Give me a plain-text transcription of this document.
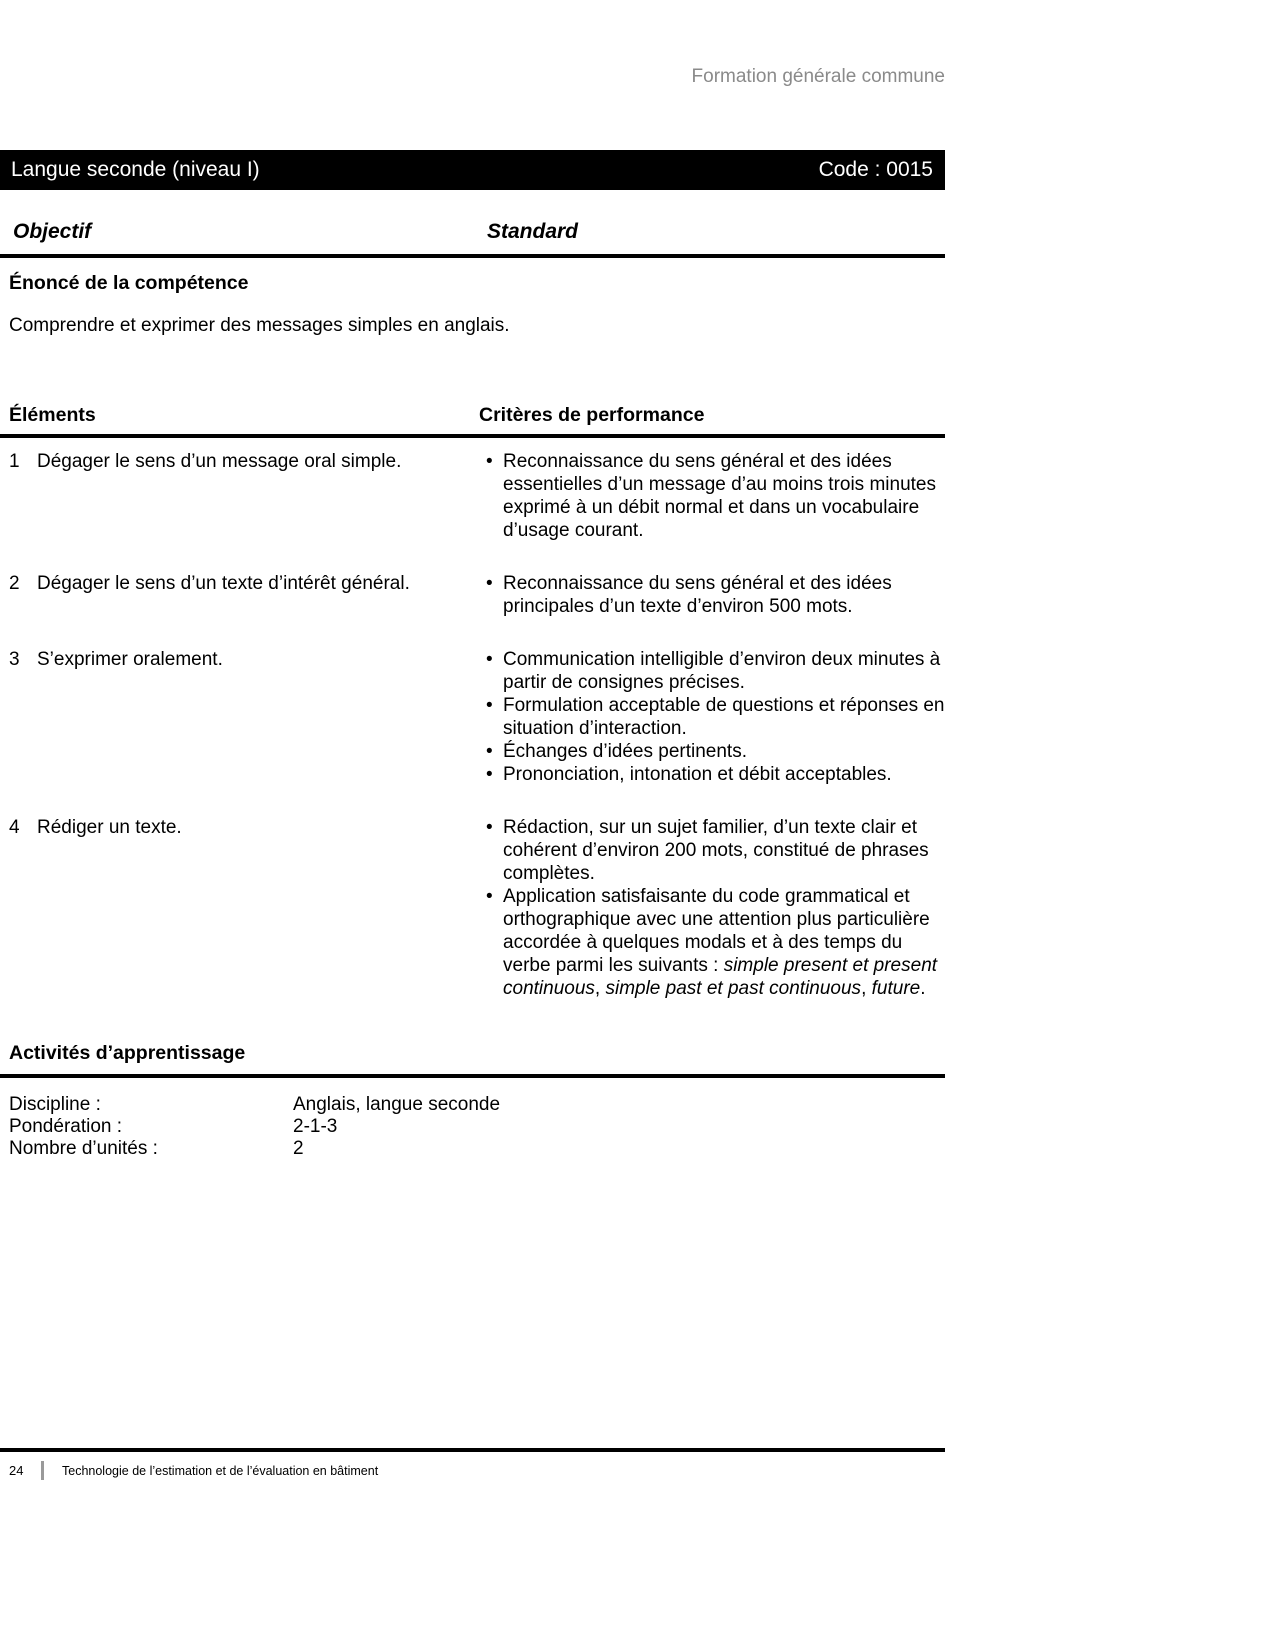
Formation générale commune
Langue seconde (niveau I)	Code : 0015
Objectif	Standard
Énoncé de la compétence
Comprendre et exprimer des messages simples en anglais.
Éléments	Critères de performance
1 Dégager le sens d’un message oral simple.	• Reconnaissance du sens général et des idées essentielles d’un message d’au moins trois minutes exprimé à un débit normal et dans un vocabulaire d’usage courant.
2 Dégager le sens d’un texte d’intérêt général.	• Reconnaissance du sens général et des idées principales d’un texte d’environ 500 mots.
3 S’exprimer oralement.	• Communication intelligible d’environ deux minutes à partir de consignes précises.
• Formulation acceptable de questions et réponses en situation d’interaction.
• Échanges d’idées pertinents.
• Prononciation, intonation et débit acceptables.
4 Rédiger un texte.	• Rédaction, sur un sujet familier, d’un texte clair et cohérent d’environ 200 mots, constitué de phrases complètes.
• Application satisfaisante du code grammatical et orthographique avec une attention plus particulière accordée à quelques modals et à des temps du verbe parmi les suivants : simple present et present continuous, simple past et past continuous, future.
Activités d’apprentissage
Discipline :	Anglais, langue seconde
Pondération :	2-1-3
Nombre d’unités :	2
24	Technologie de l’estimation et de l’évaluation en bâtiment
